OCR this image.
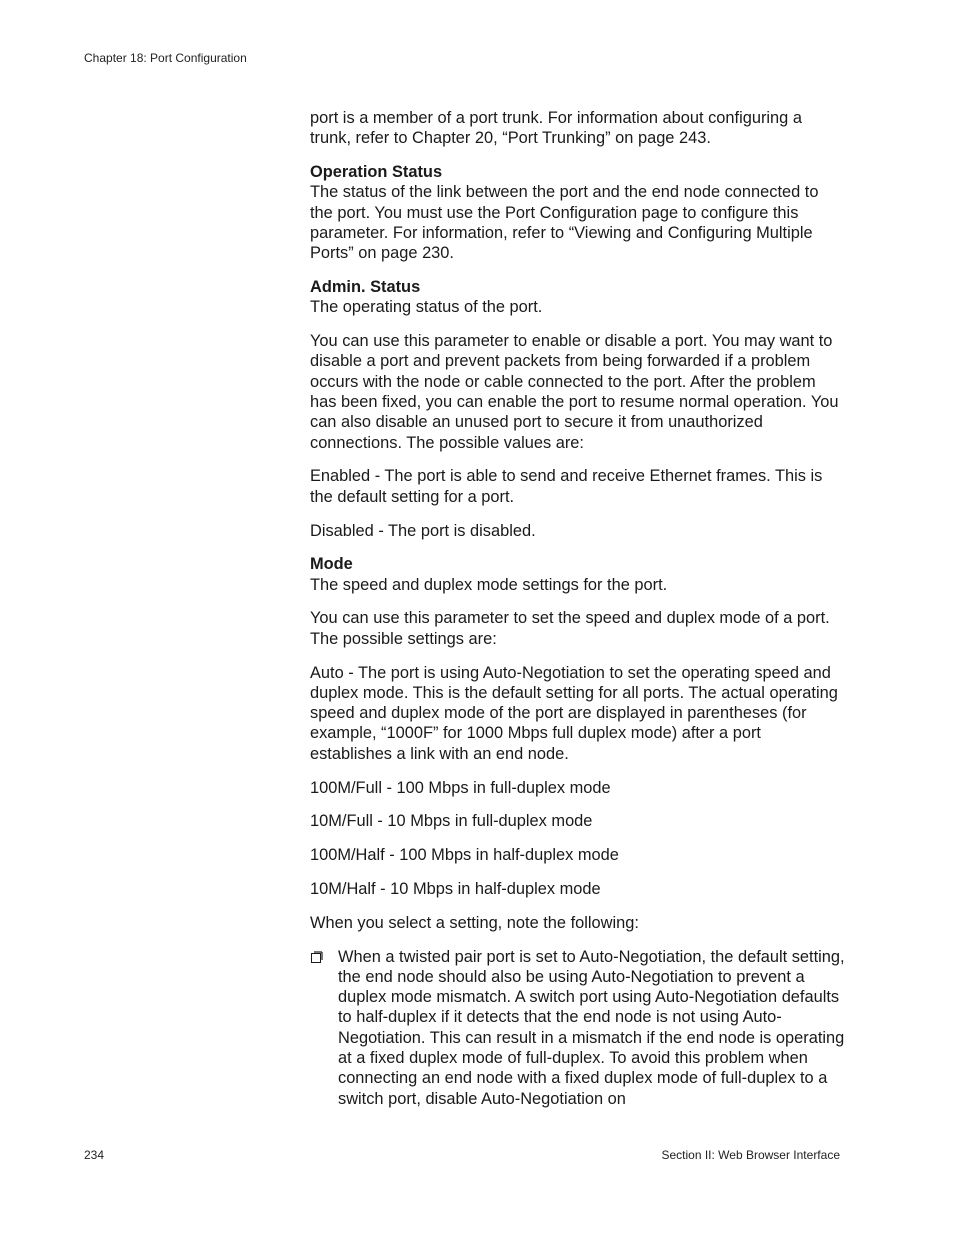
Chapter 18: Port Configuration

port is a member of a port trunk. For information about configuring a trunk, refer to Chapter 20, “Port Trunking” on page 243.

Operation Status

The status of the link between the port and the end node connected to the port. You must use the Port Configuration page to configure this parameter. For information, refer to “Viewing and Configuring Multiple Ports” on page 230.

Admin. Status

The operating status of the port.

You can use this parameter to enable or disable a port. You may want to disable a port and prevent packets from being forwarded if a problem occurs with the node or cable connected to the port. After the problem has been fixed, you can enable the port to resume normal operation. You can also disable an unused port to secure it from unauthorized connections. The possible values are:

Enabled - The port is able to send and receive Ethernet frames. This is the default setting for a port.

Disabled - The port is disabled.

Mode

The speed and duplex mode settings for the port.

You can use this parameter to set the speed and duplex mode of a port. The possible settings are:

Auto - The port is using Auto-Negotiation to set the operating speed and duplex mode. This is the default setting for all ports. The actual operating speed and duplex mode of the port are displayed in parentheses (for example, “1000F” for 1000 Mbps full duplex mode) after a port establishes a link with an end node.

100M/Full - 100 Mbps in full-duplex mode

10M/Full - 10 Mbps in full-duplex mode

100M/Half - 100 Mbps in half-duplex mode

10M/Half - 10 Mbps in half-duplex mode

When you select a setting, note the following:

When a twisted pair port is set to Auto-Negotiation, the default setting, the end node should also be using Auto-Negotiation to prevent a duplex mode mismatch. A switch port using Auto-Negotiation defaults to half-duplex if it detects that the end node is not using Auto-Negotiation. This can result in a mismatch if the end node is operating at a fixed duplex mode of full-duplex. To avoid this problem when connecting an end node with a fixed duplex mode of full-duplex to a switch port, disable Auto-Negotiation on
234	Section II: Web Browser Interface
